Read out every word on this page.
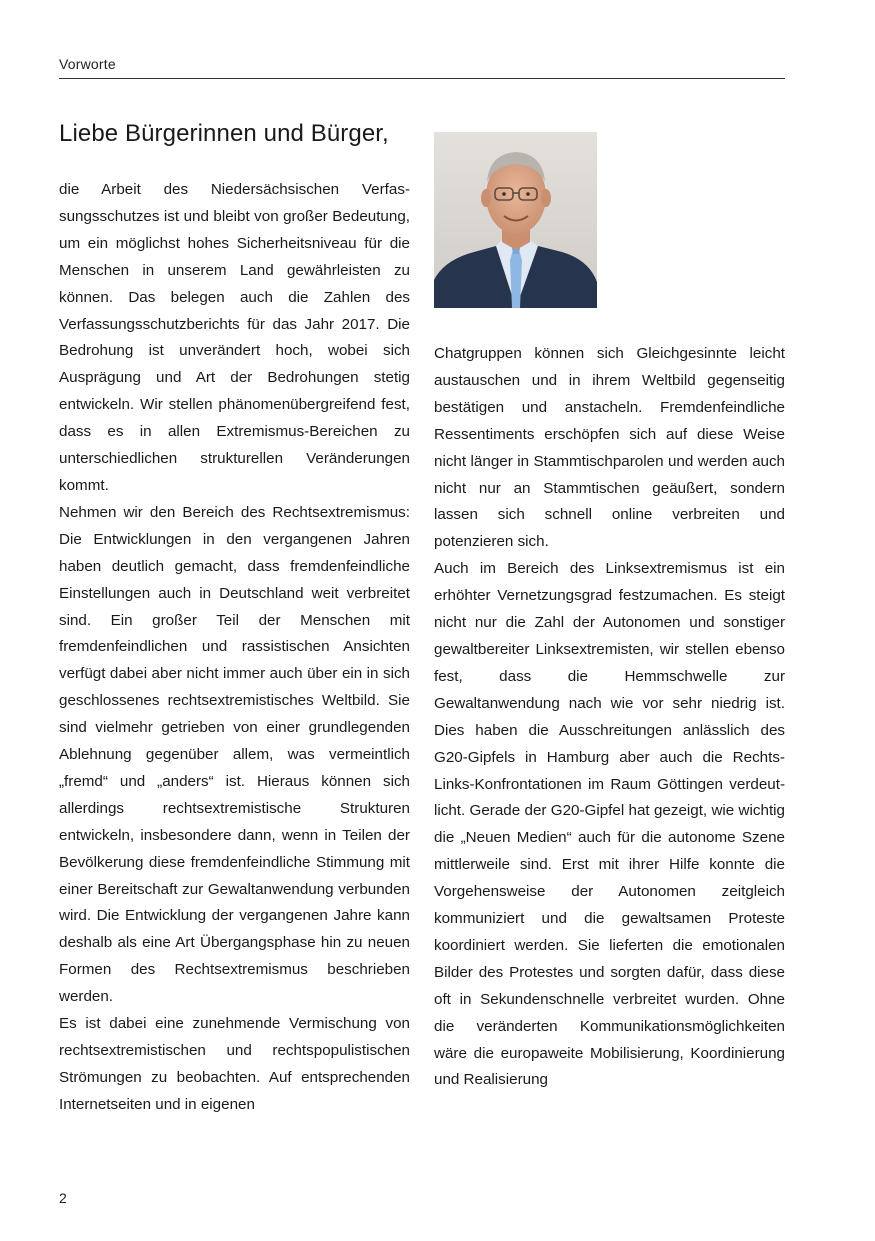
Vorworte
Liebe Bürgerinnen und Bürger,

die Arbeit des Niedersächsischen Verfassungsschutzes ist und bleibt von großer Bedeutung, um ein möglichst hohes Sicherheitsniveau für die Menschen in unserem Land gewährleisten zu können. Das belegen auch die Zahlen des Verfassungsschutzberichts für das Jahr 2017. Die Bedrohung ist unverändert hoch, wobei sich Ausprägung und Art der Bedrohungen stetig entwickeln. Wir stellen phänomenübergreifend fest, dass es in allen Extremismus-Bereichen zu unterschiedlichen strukturellen Veränderungen kommt.

Nehmen wir den Bereich des Rechtsextremismus: Die Entwicklungen in den vergangenen Jahren haben deutlich gemacht, dass fremdenfeindliche Einstellungen auch in Deutschland weit verbreitet sind. Ein großer Teil der Menschen mit fremdenfeindlichen und rassistischen Ansichten verfügt dabei aber nicht immer auch über ein in sich geschlossenes rechtsextremistisches Weltbild. Sie sind vielmehr getrieben von einer grundlegenden Ablehnung gegenüber allem, was vermeintlich „fremd“ und „anders“ ist. Hieraus können sich allerdings rechtsextremistische Strukturen entwickeln, insbesondere dann, wenn in Teilen der Bevölkerung diese fremdenfeindliche Stimmung mit einer Bereitschaft zur Gewaltanwendung verbunden wird. Die Entwicklung der vergangenen Jahre kann deshalb als eine Art Übergangsphase hin zu neuen Formen des Rechtsextremismus beschrieben werden.

Es ist dabei eine zunehmende Vermischung von rechtsextremistischen und rechtspopulistischen Strömungen zu beobachten. Auf entsprechenden Internetseiten und in eigenen

Chatgruppen können sich Gleichgesinnte leicht austauschen und in ihrem Weltbild gegenseitig bestätigen und anstacheln. Fremdenfeindliche Ressentiments erschöpfen sich auf diese Weise nicht länger in Stammtischparolen und werden auch nicht nur an Stammtischen geäußert, sondern lassen sich schnell online verbreiten und potenzieren sich.

Auch im Bereich des Linksextremismus ist ein erhöhter Vernetzungsgrad festzumachen. Es steigt nicht nur die Zahl der Autonomen und sonstiger gewaltbereiter Linksextremisten, wir stellen ebenso fest, dass die Hemmschwelle zur Gewaltanwendung nach wie vor sehr niedrig ist. Dies haben die Ausschreitungen anlässlich des G20-Gipfels in Hamburg aber auch die Rechts-Links-Konfrontationen im Raum Göttingen verdeutlicht. Gerade der G20-Gipfel hat gezeigt, wie wichtig die „Neuen Medien“ auch für die autonome Szene mittlerweile sind. Erst mit ihrer Hilfe konnte die Vorgehensweise der Autonomen zeitgleich kommuniziert und die gewaltsamen Proteste koordiniert werden. Sie lieferten die emotionalen Bilder des Protestes und sorgten dafür, dass diese oft in Sekundenschnelle verbreitet wurden. Ohne die veränderten Kommunikationsmöglichkeiten wäre die europaweite Mobilisierung, Koordinierung und Realisierung

2
